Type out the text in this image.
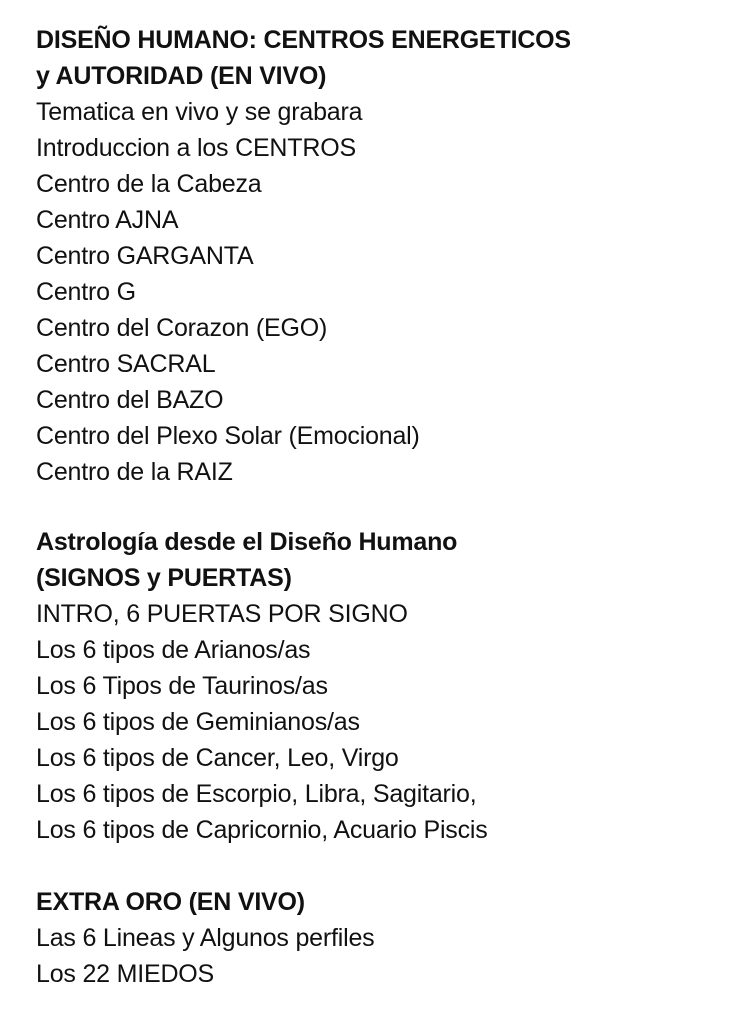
DISEÑO HUMANO: CENTROS ENERGETICOS
y AUTORIDAD (EN VIVO)
Tematica en vivo y se grabara
Introduccion a los CENTROS
Centro de la Cabeza
Centro AJNA
Centro GARGANTA
Centro G
Centro del Corazon (EGO)
Centro SACRAL
Centro del BAZO
Centro del Plexo Solar (Emocional)
Centro de la RAIZ
Astrología desde el Diseño Humano
(SIGNOS y PUERTAS)
INTRO, 6 PUERTAS POR SIGNO
Los 6 tipos de Arianos/as
Los 6 Tipos de Taurinos/as
Los 6 tipos de Geminianos/as
Los 6 tipos de Cancer, Leo, Virgo
Los 6 tipos de Escorpio, Libra, Sagitario,
Los 6 tipos de Capricornio, Acuario Piscis
EXTRA ORO (EN VIVO)
Las 6 Lineas y Algunos perfiles
Los 22 MIEDOS
